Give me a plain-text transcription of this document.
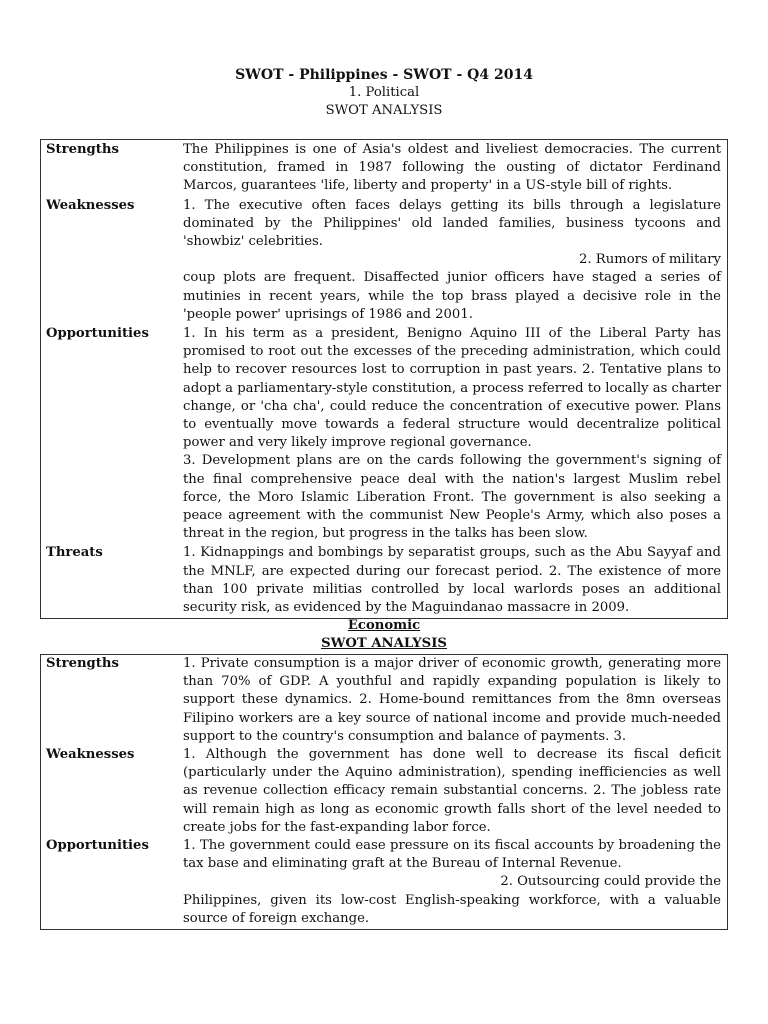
SWOT - Philippines - SWOT - Q4 2014
1. Political
SWOT ANALYSIS
Strengths	The Philippines is one of Asia's oldest and liveliest democracies. The current constitution, framed in 1987 following the ousting of dictator Ferdinand Marcos, guarantees 'life, liberty and property' in a US-style bill of rights.

Weaknesses	1. The executive often faces delays getting its bills through a legislature dominated by the Philippines' old landed families, business tycoons and 'showbiz' celebrities.

2. Rumors of military

coup plots are frequent. Disaffected junior officers have staged a series of mutinies in recent years, while the top brass played a decisive role in the 'people power' uprisings of 1986 and 2001.

Opportunities	1. In his term as a president, Benigno Aquino III of the Liberal Party has promised to root out the excesses of the preceding administration, which could help to recover resources lost to corruption in past years. 2. Tentative plans to adopt a parliamentary-style constitution, a process referred to locally as charter change, or 'cha cha', could reduce the concentration of executive power. Plans to eventually move towards a federal structure would decentralize political power and very likely improve regional governance.

3. Development plans are on the cards following the government's signing of the final comprehensive peace deal with the nation's largest Muslim rebel force, the Moro Islamic Liberation Front. The government is also seeking a peace agreement with the communist New People's Army, which also poses a threat in the region, but progress in the talks has been slow.

Threats	1. Kidnappings and bombings by separatist groups, such as the Abu Sayyaf and the MNLF, are expected during our forecast period. 2. The existence of more than 100 private militias controlled by local warlords poses an additional security risk, as evidenced by the Maguindanao massacre in 2009.

Economic
SWOT ANALYSIS
Strengths	1. Private consumption is a major driver of economic growth, generating more than 70% of GDP. A youthful and rapidly expanding population is likely to support these dynamics. 2. Home-bound remittances from the 8mn overseas Filipino workers are a key source of national income and provide much-needed support to the country's consumption and balance of payments. 3.

Weaknesses	1. Although the government has done well to decrease its fiscal deficit (particularly under the Aquino administration), spending inefficiencies as well as revenue collection efficacy remain substantial concerns. 2. The jobless rate will remain high as long as economic growth falls short of the level needed to create jobs for the fast-expanding labor force.

Opportunities	1. The government could ease pressure on its fiscal accounts by broadening the tax base and eliminating graft at the Bureau of Internal Revenue.

2. Outsourcing could provide the

Philippines, given its low-cost English-speaking workforce, with a valuable source of foreign exchange.
